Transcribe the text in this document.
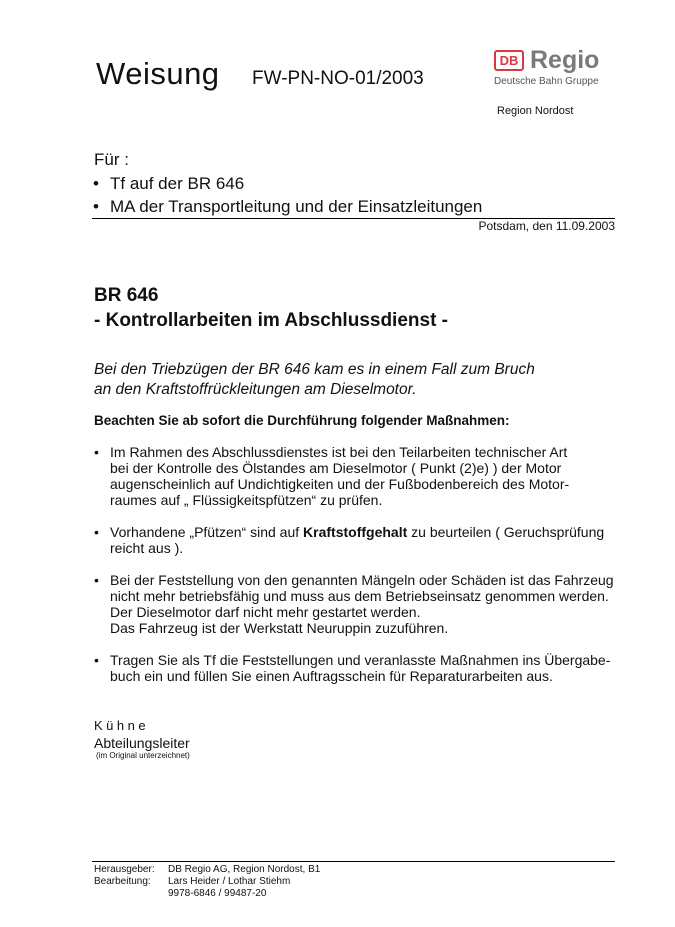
Weisung FW-PN-NO-01/2003
DB Regio
Deutsche Bahn Gruppe
Region Nordost
Für :
• Tf auf der BR 646
• MA der Transportleitung und der Einsatzleitungen
Potsdam, den 11.09.2003
BR 646
- Kontrollarbeiten im Abschlussdienst -
Bei den Triebzügen der BR 646 kam es in einem Fall zum Bruch
an den Kraftstoffrückleitungen am Dieselmotor.
Beachten Sie ab sofort die Durchführung folgender Maßnahmen:
• Im Rahmen des Abschlussdienstes ist bei den Teilarbeiten technischer Art
bei der Kontrolle des Ölstandes am Dieselmotor ( Punkt (2)e) ) der Motor
augenscheinlich auf Undichtigkeiten und der Fußbodenbereich des Motor-
raumes auf „ Flüssigkeitspfützen“ zu prüfen.
• Vorhandene „Pfützen“ sind auf Kraftstoffgehalt zu beurteilen ( Geruchsprüfung
reicht aus ).
• Bei der Feststellung von den genannten Mängeln oder Schäden ist das Fahrzeug
nicht mehr betriebsfähig und muss aus dem Betriebseinsatz genommen werden.
Der Dieselmotor darf nicht mehr gestartet werden.
Das Fahrzeug ist der Werkstatt Neuruppin zuzuführen.
• Tragen Sie als Tf die Feststellungen und veranlasste Maßnahmen ins Übergabe-
buch ein und füllen Sie einen Auftragsschein für Reparaturarbeiten aus.
Kühne
Abteilungsleiter
(im Original unterzeichnet)
Herausgeber:	DB Regio AG, Region Nordost, B1
Bearbeitung:	Lars Heider / Lothar Stiehm
9978-6846 / 99487-20
